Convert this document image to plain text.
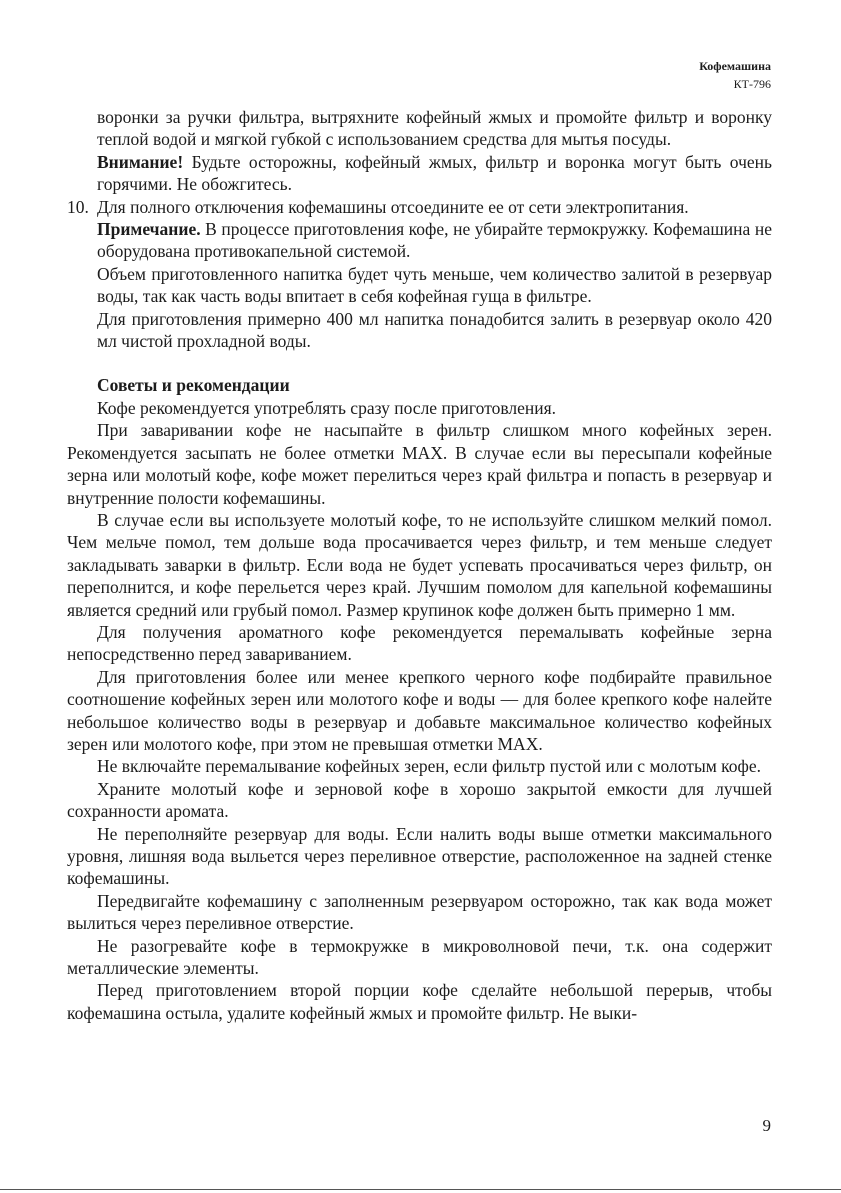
Кофемашина
КТ-796

воронки за ручки фильтра, вытряхните кофейный жмых и промойте фильтр и воронку теплой водой и мягкой губкой с использованием средства для мытья посуды.

Внимание! Будьте осторожны, кофейный жмых, фильтр и воронка могут быть очень горячими. Не обожгитесь.

10. Для полного отключения кофемашины отсоедините ее от сети электропитания.

Примечание. В процессе приготовления кофе, не убирайте термокружку. Кофемашина не оборудована противокапельной системой.

Объем приготовленного напитка будет чуть меньше, чем количество залитой в резервуар воды, так как часть воды впитает в себя кофейная гуща в фильтре.

Для приготовления примерно 400 мл напитка понадобится залить в резервуар около 420 мл чистой прохладной воды.

Советы и рекомендации

Кофе рекомендуется употреблять сразу после приготовления.

При заваривании кофе не насыпайте в фильтр слишком много кофейных зерен. Рекомендуется засыпать не более отметки MAX. В случае если вы пересыпали кофейные зерна или молотый кофе, кофе может перелиться через край фильтра и попасть в резервуар и внутренние полости кофемашины.

В случае если вы используете молотый кофе, то не используйте слишком мелкий помол. Чем мельче помол, тем дольше вода просачивается через фильтр, и тем меньше следует закладывать заварки в фильтр. Если вода не будет успевать просачиваться через фильтр, он переполнится, и кофе перельется через край. Лучшим помолом для капельной кофемашины является средний или грубый помол. Размер крупинок кофе должен быть примерно 1 мм.

Для получения ароматного кофе рекомендуется перемалывать кофейные зерна непосредственно перед завариванием.

Для приготовления более или менее крепкого черного кофе подбирайте правильное соотношение кофейных зерен или молотого кофе и воды — для более крепкого кофе налейте небольшое количество воды в резервуар и добавьте максимальное количество кофейных зерен или молотого кофе, при этом не превышая отметки MAX.

Не включайте перемалывание кофейных зерен, если фильтр пустой или с молотым кофе.

Храните молотый кофе и зерновой кофе в хорошо закрытой емкости для лучшей сохранности аромата.

Не переполняйте резервуар для воды. Если налить воды выше отметки максимального уровня, лишняя вода выльется через переливное отверстие, расположенное на задней стенке кофемашины.

Передвигайте кофемашину с заполненным резервуаром осторожно, так как вода может вылиться через переливное отверстие.

Не разогревайте кофе в термокружке в микроволновой печи, т.к. она содержит металлические элементы.

Перед приготовлением второй порции кофе сделайте небольшой перерыв, чтобы кофемашина остыла, удалите кофейный жмых и промойте фильтр. Не выки-

9
